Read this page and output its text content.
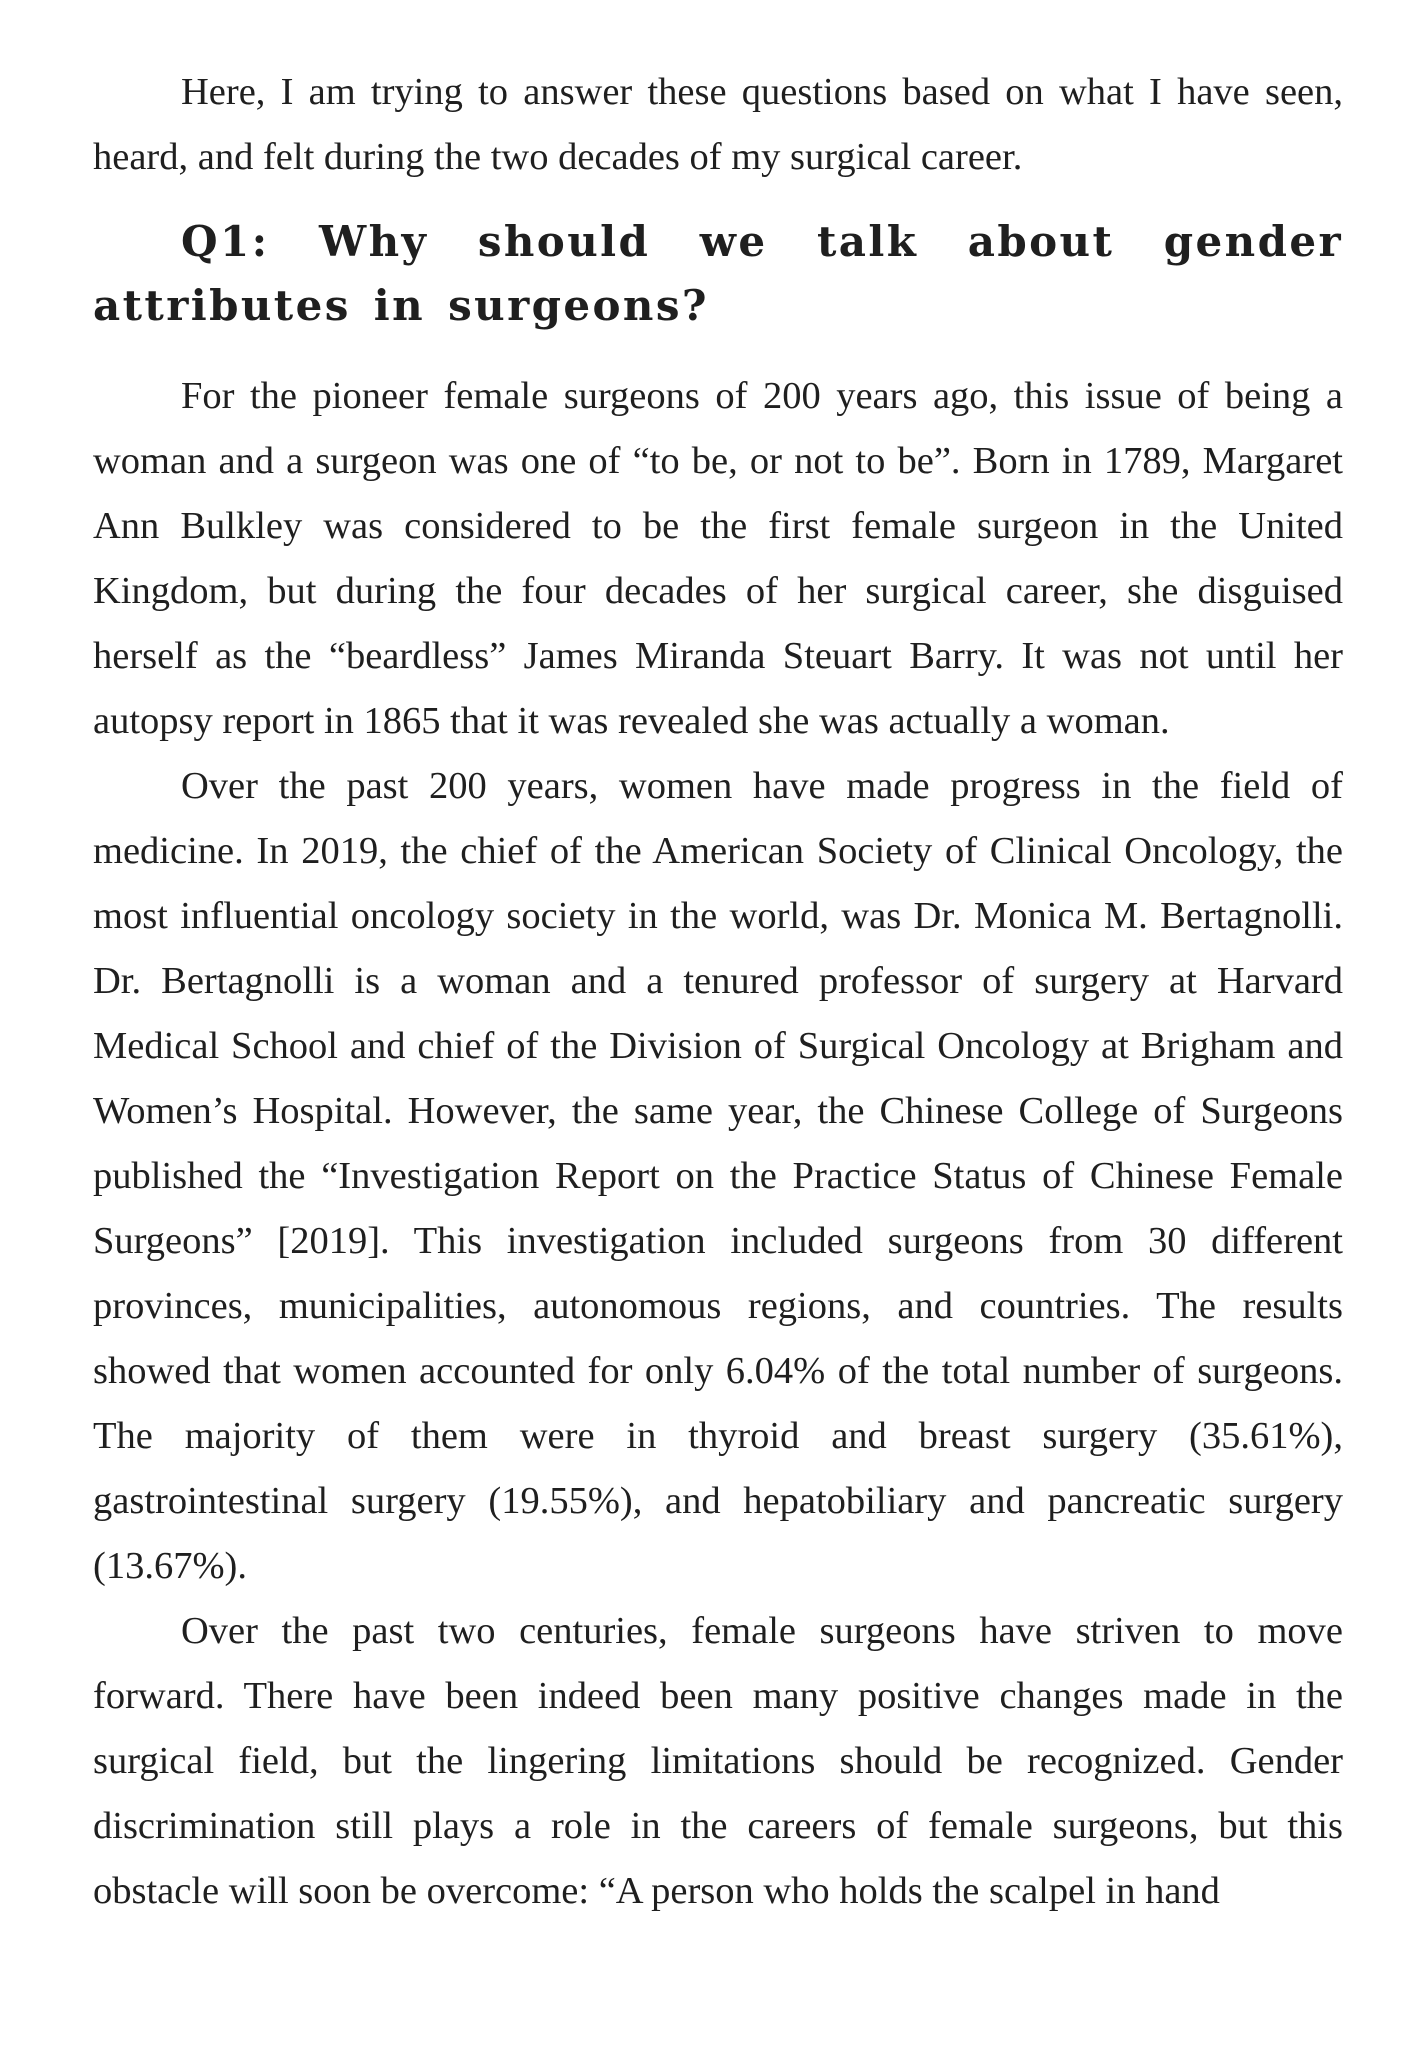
Here, I am trying to answer these questions based on what I have seen, heard, and felt during the two decades of my surgical career.

Q1: Why should we talk about gender attributes in surgeons?

For the pioneer female surgeons of 200 years ago, this issue of being a woman and a surgeon was one of “to be, or not to be”. Born in 1789, Margaret Ann Bulkley was considered to be the first female surgeon in the United Kingdom, but during the four decades of her surgical career, she disguised herself as the “beardless” James Miranda Steuart Barry. It was not until her autopsy report in 1865 that it was revealed she was actually a woman.

Over the past 200 years, women have made progress in the field of medicine. In 2019, the chief of the American Society of Clinical Oncology, the most influential oncology society in the world, was Dr. Monica M. Bertagnolli. Dr. Bertagnolli is a woman and a tenured professor of surgery at Harvard Medical School and chief of the Division of Surgical Oncology at Brigham and Women’s Hospital. However, the same year, the Chinese College of Surgeons published the “Investigation Report on the Practice Status of Chinese Female Surgeons” [2019]. This investigation included surgeons from 30 different provinces, municipalities, autonomous regions, and countries. The results showed that women accounted for only 6.04% of the total number of surgeons. The majority of them were in thyroid and breast surgery (35.61%), gastrointestinal surgery (19.55%), and hepatobiliary and pancreatic surgery (13.67%).

Over the past two centuries, female surgeons have striven to move forward. There have been indeed been many positive changes made in the surgical field, but the lingering limitations should be recognized. Gender discrimination still plays a role in the careers of female surgeons, but this obstacle will soon be overcome: “A person who holds the scalpel in hand
